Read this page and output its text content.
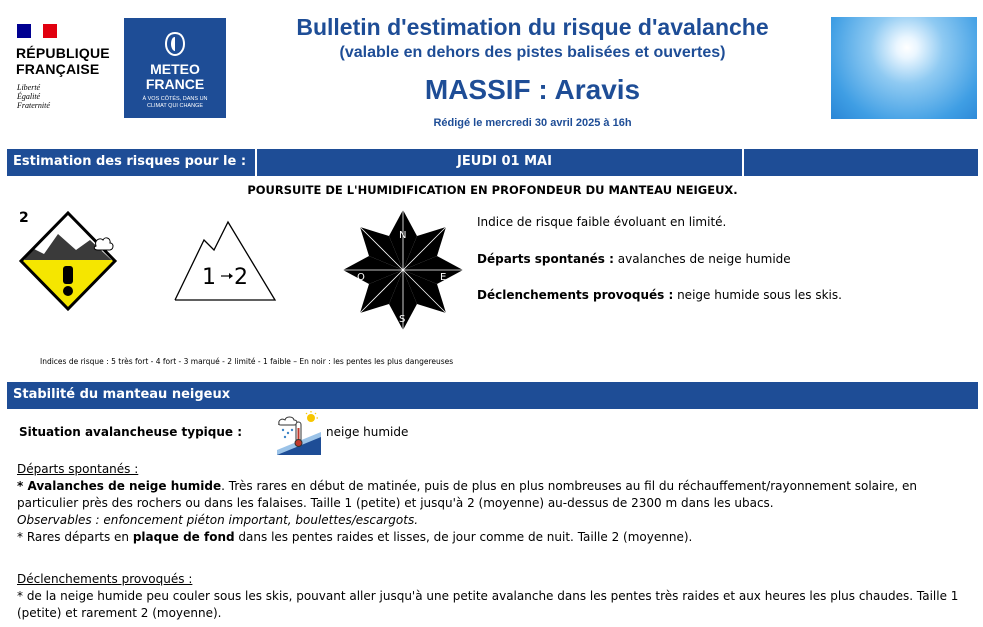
RÉPUBLIQUE
FRANÇAISE
Liberté
Égalité
Fraternité
METEO
FRANCE
À VOS CÔTÉS, DANS UN
CLIMAT QUI CHANGE
Bulletin d'estimation du risque d'avalanche
(valable en dehors des pistes balisées et ouvertes)
MASSIF : Aravis
Rédigé le mercredi 30 avril 2025 à 16h
Estimation des risques pour le :	JEUDI 01 MAI
POURSUITE DE L'HUMIDIFICATION EN PROFONDEUR DU MANTEAU NEIGEUX.
2
1 2
N
E
S
O
Indice de risque faible évoluant en limité.
Départs spontanés : avalanches de neige humide
Déclenchements provoqués : neige humide sous les skis.
Indices de risque : 5 très fort - 4 fort - 3 marqué - 2 limité - 1 faible – En noir : les pentes les plus dangereuses
Stabilité du manteau neigeux
Situation avalancheuse typique :	neige humide
Départs spontanés :
* Avalanches de neige humide. Très rares en début de matinée, puis de plus en plus nombreuses au fil du réchauffement/rayonnement solaire, en particulier près des rochers ou dans les falaises. Taille 1 (petite) et jusqu'à 2 (moyenne) au-dessus de 2300 m dans les ubacs.
Observables : enfoncement piéton important, boulettes/escargots.
* Rares départs en plaque de fond dans les pentes raides et lisses, de jour comme de nuit. Taille 2 (moyenne).
Déclenchements provoqués :
* de la neige humide peu couler sous les skis, pouvant aller jusqu'à une petite avalanche dans les pentes très raides et aux heures les plus chaudes. Taille 1 (petite) et rarement 2 (moyenne).
